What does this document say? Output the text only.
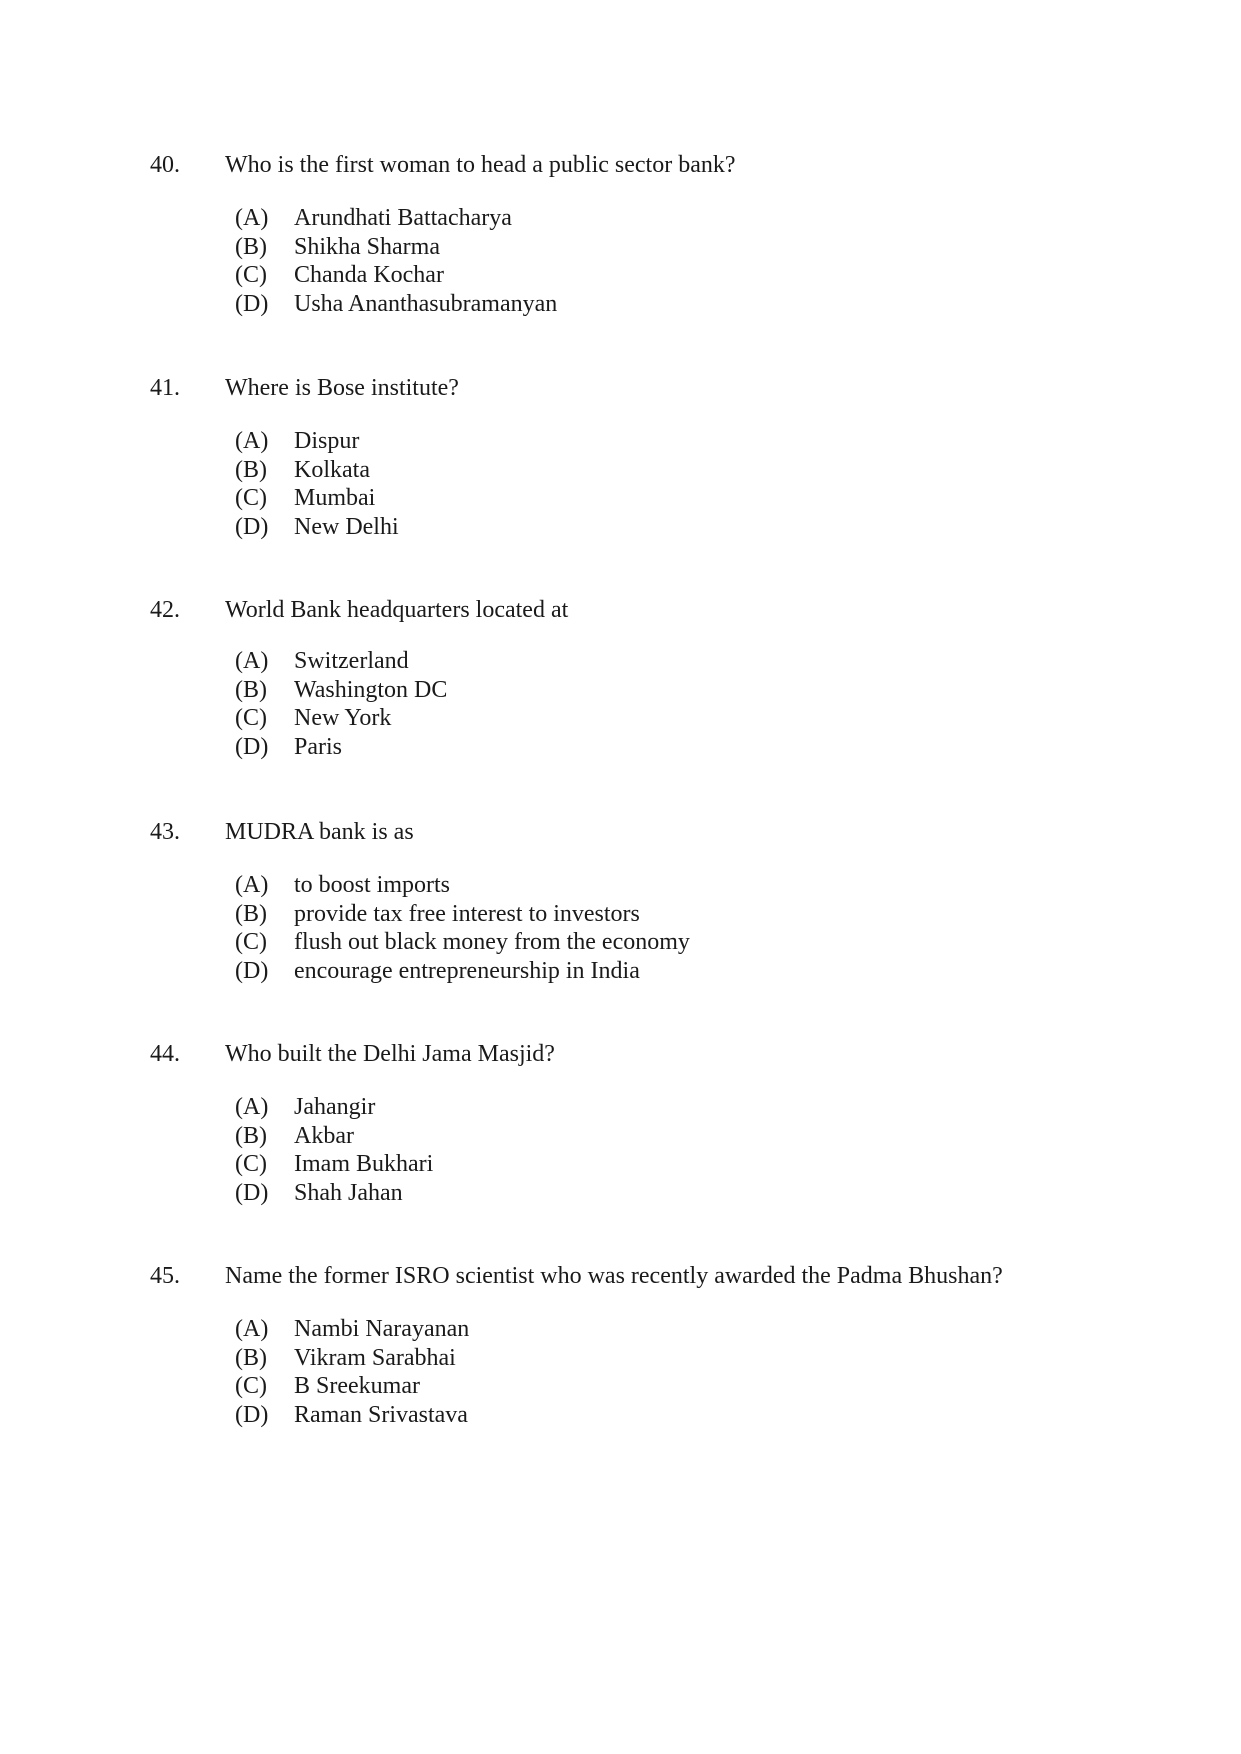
40. Who is the first woman to head a public sector bank?
(A) Arundhati Battacharya
(B) Shikha Sharma
(C) Chanda Kochar
(D) Usha Ananthasubramanyan
41. Where is Bose institute?
(A) Dispur
(B) Kolkata
(C) Mumbai
(D) New Delhi
42. World Bank headquarters located at
(A) Switzerland
(B) Washington DC
(C) New York
(D) Paris
43. MUDRA bank is as
(A) to boost imports
(B) provide tax free interest to investors
(C) flush out black money from the economy
(D) encourage entrepreneurship in India
44. Who built the Delhi Jama Masjid?
(A) Jahangir
(B) Akbar
(C) Imam Bukhari
(D) Shah Jahan
45. Name the former ISRO scientist who was recently awarded the Padma Bhushan?
(A) Nambi Narayanan
(B) Vikram Sarabhai
(C) B Sreekumar
(D) Raman Srivastava
